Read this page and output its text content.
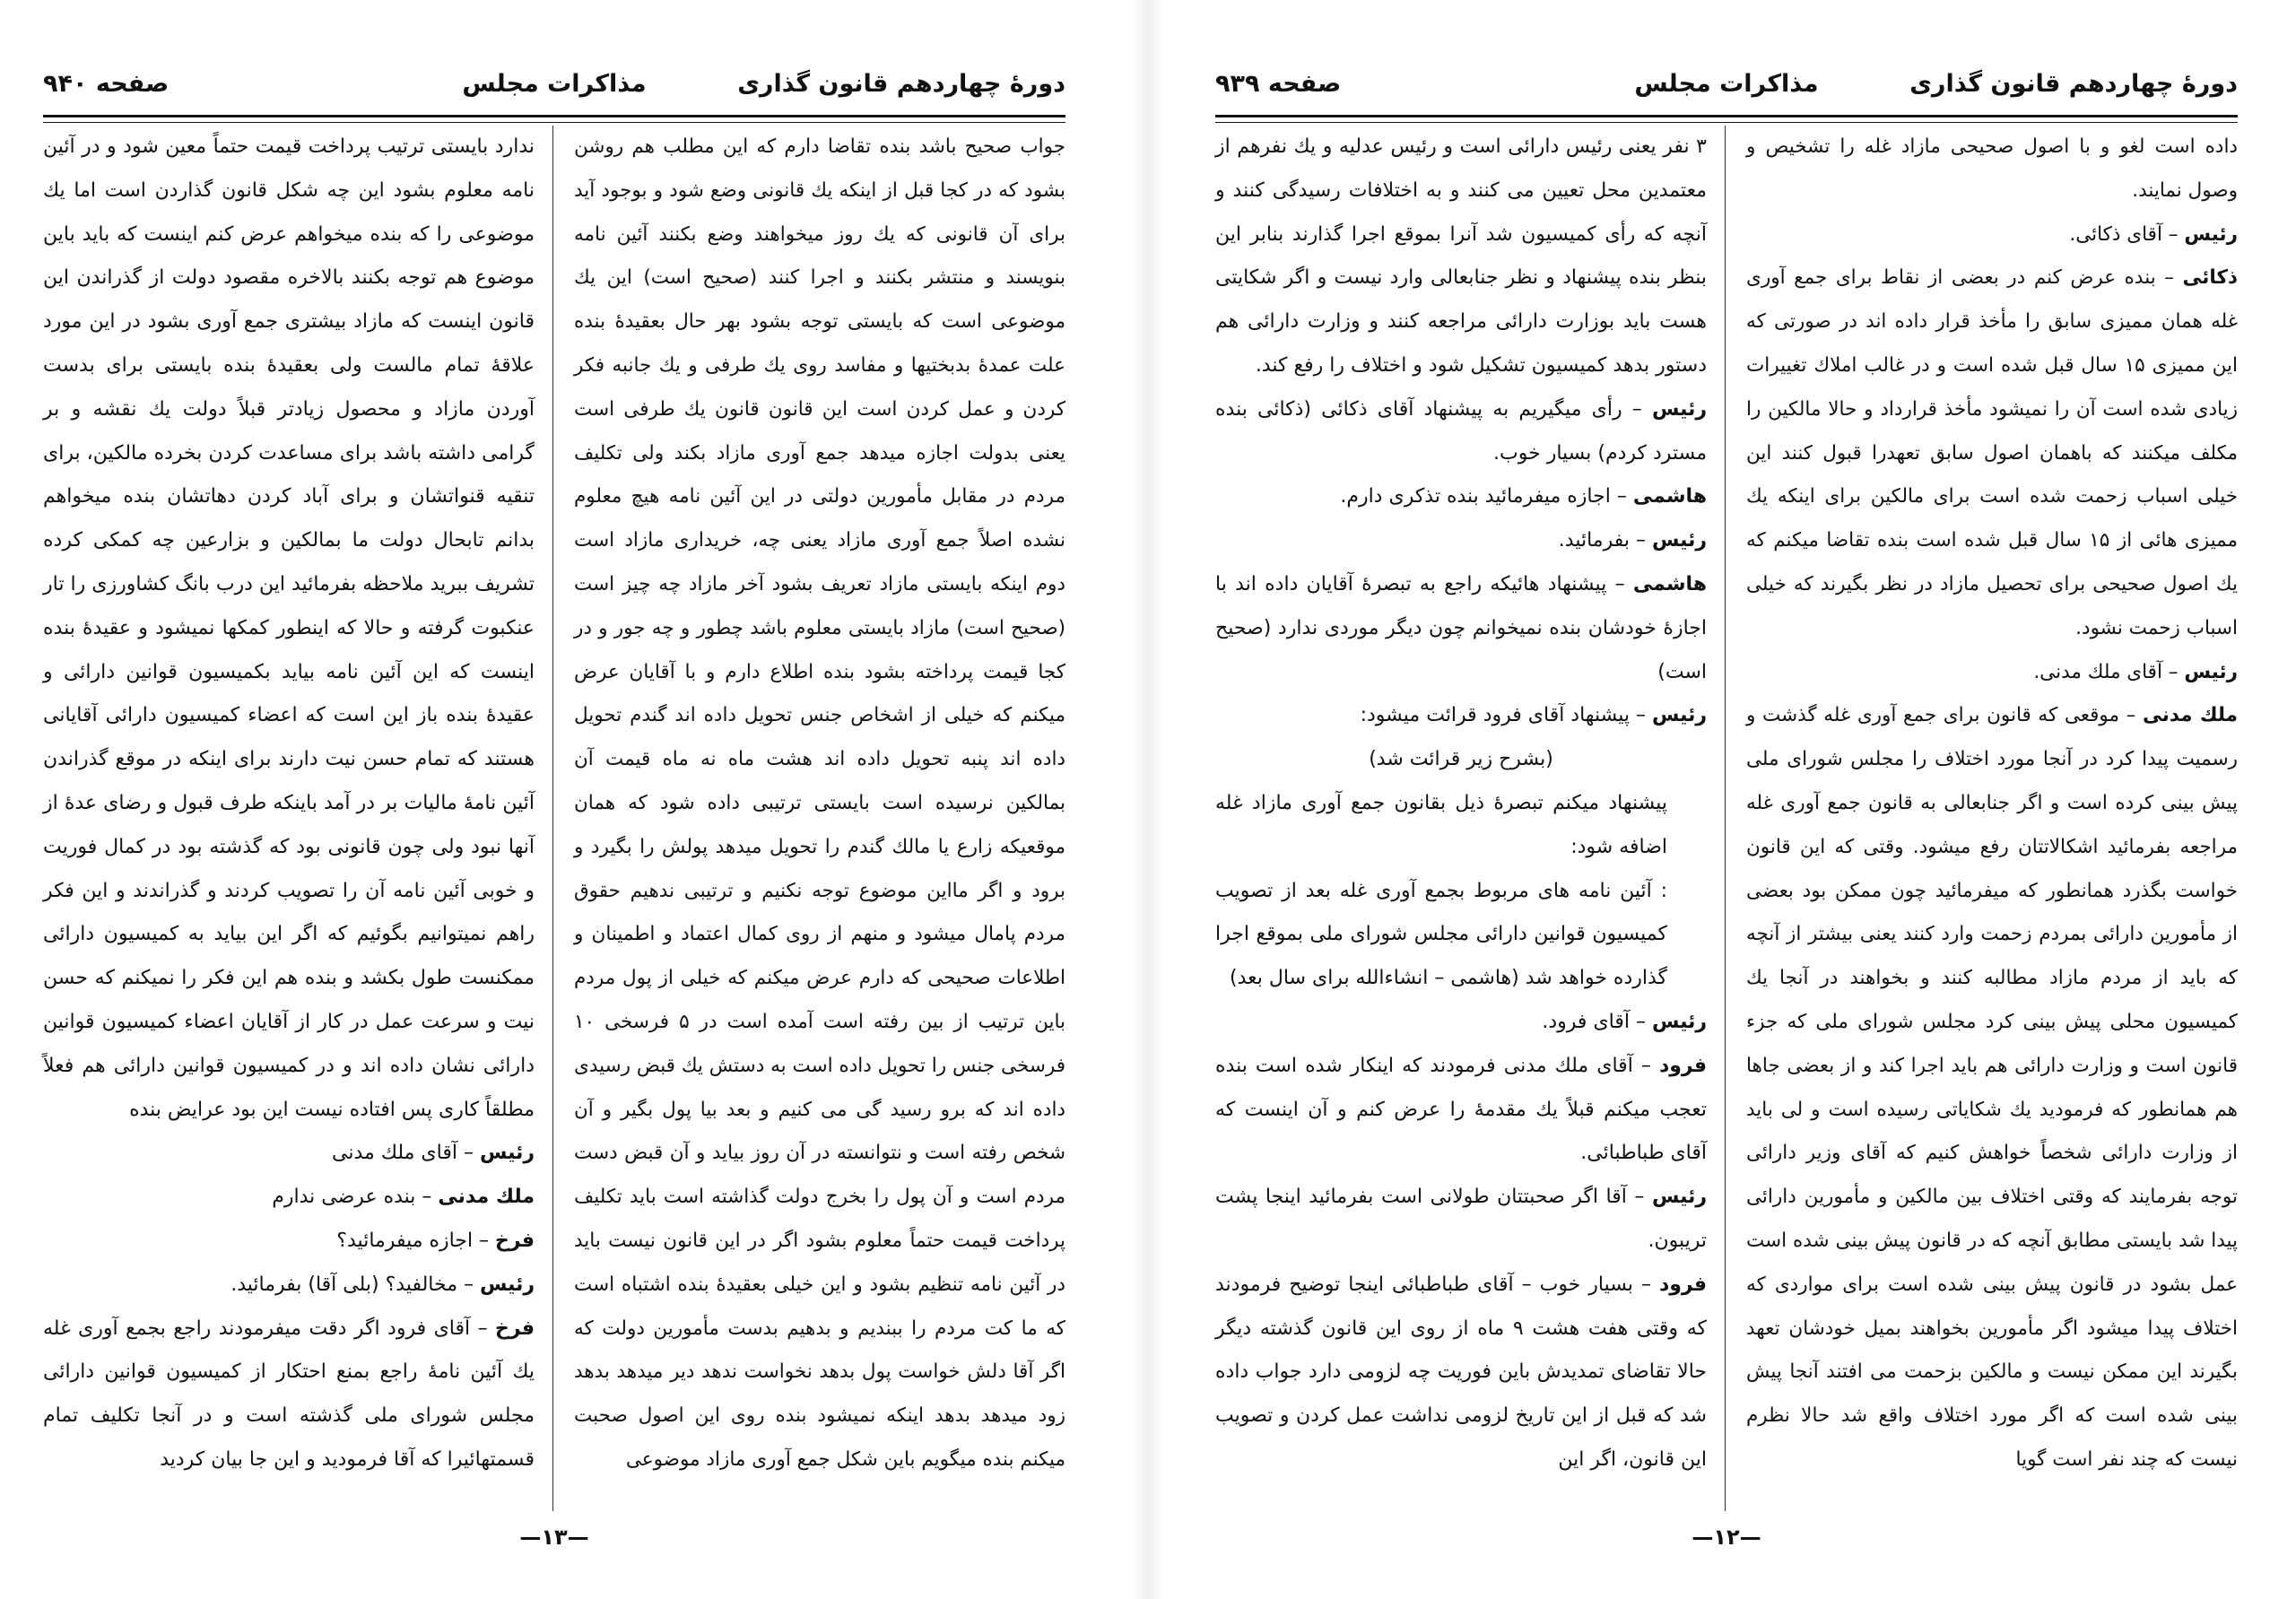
دورۀ چهاردهم قانون گذاری
مذاکرات مجلس
صفحه ۹۴۰

جواب صحیح باشد بنده تقاضا دارم که این مطلب هم روشن بشود که در کجا قبل از اینکه یك قانونی وضع شود و بوجود آید برای آن قانونی که یك روز میخواهند وضع بکنند آئین نامه بنویسند و منتشر بکنند و اجرا کنند (صحیح است) این یك موضوعی است که بایستی توجه بشود بهر حال بعقیدۀ بنده علت عمدۀ بدبختیها و مفاسد روی یك طرفی و یك جانبه فکر کردن و عمل کردن است این قانون قانون یك طرفی است یعنی بدولت اجازه میدهد جمع آوری مازاد بکند ولی تکلیف مردم در مقابل مأمورین دولتی در این آئین نامه هیچ معلوم نشده اصلاً جمع آوری مازاد یعنی چه، خریداری مازاد است دوم اینکه بایستی مازاد تعریف بشود آخر مازاد چه چیز است (صحیح است) مازاد بایستی معلوم باشد چطور و چه جور و در کجا قیمت پرداخته بشود بنده اطلاع دارم و با آقایان عرض میکنم که خیلی از اشخاص جنس تحویل داده اند گندم تحویل داده اند پنبه تحویل داده اند هشت ماه نه ماه قیمت آن بمالکین نرسیده است بایستی ترتیبی داده شود که همان موقعیکه زارع یا مالك گندم را تحویل میدهد پولش را بگیرد و برود و اگر مااین موضوع توجه نکنیم و ترتیبی ندهیم حقوق مردم پامال میشود و منهم از روی کمال اعتماد و اطمینان و اطلاعات صحیحی که دارم عرض میکنم که خیلی از پول مردم باین ترتیب از بین رفته است آمده است در ۵ فرسخی ۱۰ فرسخی جنس را تحویل داده است به دستش یك قبض رسیدی داده اند که برو رسید گی می کنیم و بعد بیا پول بگیر و آن شخص رفته است و نتوانسته در آن روز بیاید و آن قبض دست مردم است و آن پول را بخرج دولت گذاشته است باید تکلیف پرداخت قیمت حتماً معلوم بشود اگر در این قانون نیست باید در آئین نامه تنظیم بشود و این خیلی بعقیدۀ بنده اشتباه است که ما کت مردم را ببندیم و بدهیم بدست مأمورین دولت که اگر آقا دلش خواست پول بدهد نخواست ندهد دیر میدهد بدهد زود میدهد بدهد اینکه نمیشود بنده روی این اصول صحبت میکنم بنده میگویم باین شکل جمع آوری مازاد موضوعی

ندارد بایستی ترتیب پرداخت قیمت حتماً معین شود و در آئین نامه معلوم بشود این چه شکل قانون گذاردن است اما یك موضوعی را که بنده میخواهم عرض کنم اینست که باید باین موضوع هم توجه بکنند بالاخره مقصود دولت از گذراندن این قانون اینست که مازاد بیشتری جمع آوری بشود در این مورد علاقۀ تمام مالست ولی بعقیدۀ بنده بایستی برای بدست آوردن مازاد و محصول زیادتر قبلاً دولت یك نقشه و بر گرامی داشته باشد برای مساعدت کردن بخرده مالکین، برای تنقیه قنواتشان و برای آباد کردن دهاتشان بنده میخواهم بدانم تابحال دولت ما بمالکین و بزارعین چه کمکی کرده تشریف ببرید ملاحظه بفرمائید این درب بانگ کشاورزی را تار عنکبوت گرفته و حالا که اینطور کمکها نمیشود و عقیدۀ بنده اینست که این آئین نامه بیاید بکمیسیون قوانین دارائی و عقیدۀ بنده باز این است که اعضاء کمیسیون دارائی آقایانی هستند که تمام حسن نیت دارند برای اینکه در موقع گذراندن آئین نامۀ مالیات بر در آمد باینکه طرف قبول و رضای عدۀ از آنها نبود ولی چون قانونی بود که گذشته بود در کمال فوریت و خوبی آئین نامه آن را تصویب کردند و گذراندند و این فکر راهم نمیتوانیم بگوئیم که اگر این بیاید به کمیسیون دارائی ممکنست طول بکشد و بنده هم این فکر را نمیکنم که حسن نیت و سرعت عمل در کار از آقایان اعضاء کمیسیون قوانین دارائی نشان داده اند و در کمیسیون قوانین دارائی هم فعلاً مطلقاً کاری پس افتاده نیست این بود عرایض بنده

رئیس – آقای ملك مدنی

ملك مدنی – بنده عرضی ندارم

فرخ – اجازه میفرمائید؟

رئیس – مخالفید؟ (بلی آقا) بفرمائید.

فرخ – آقای فرود اگر دقت میفرمودند راجع بجمع آوری غله یك آئین نامۀ راجع بمنع احتکار از کمیسیون قوانین دارائی مجلس شورای ملی گذشته است و در آنجا تکلیف تمام قسمتهائیرا که آقا فرمودید و این جا بیان کردید

—۱۳—
دورۀ چهاردهم قانون گذاری
مذاکرات مجلس
صفحه ۹۳۹

داده است لغو و با اصول صحیحی مازاد غله را تشخیص و وصول نمایند.

رئیس – آقای ذکائی.

ذکائی – بنده عرض کنم در بعضی از نقاط برای جمع آوری غله همان ممیزی سابق را مأخذ قرار داده اند در صورتی که این ممیزی ۱۵ سال قبل شده است و در غالب املاك تغییرات زیادی شده است آن را نمیشود مأخذ قرارداد و حالا مالکین را مکلف میکنند که باهمان اصول سابق تعهدرا قبول کنند این خیلی اسباب زحمت شده است برای مالکین برای اینکه یك ممیزی هائی از ۱۵ سال قبل شده است بنده تقاضا میکنم که یك اصول صحیحی برای تحصیل مازاد در نظر بگیرند که خیلی اسباب زحمت نشود.

رئیس – آقای ملك مدنی.

ملك مدنی – موقعی که قانون برای جمع آوری غله گذشت و رسمیت پیدا کرد در آنجا مورد اختلاف را مجلس شورای ملی پیش بینی کرده است و اگر جنابعالی به قانون جمع آوری غله مراجعه بفرمائید اشکالاتتان رفع میشود. وقتی که این قانون خواست بگذرد همانطور که میفرمائید چون ممکن بود بعضی از مأمورین دارائی بمردم زحمت وارد کنند یعنی بیشتر از آنچه که باید از مردم مازاد مطالبه کنند و بخواهند در آنجا یك کمیسیون محلی پیش بینی کرد مجلس شورای ملی که جزء قانون است و وزارت دارائی هم باید اجرا کند و از بعضی جاها هم همانطور که فرمودید یك شکایاتی رسیده است و لی باید از وزارت دارائی شخصاً خواهش کنیم که آقای وزیر دارائی توجه بفرمایند که وقتی اختلاف بین مالکین و مأمورین دارائی پیدا شد بایستی مطابق آنچه که در قانون پیش بینی شده است عمل بشود در قانون پیش بینی شده است برای مواردی که اختلاف پیدا میشود اگر مأمورین بخواهند بمیل خودشان تعهد بگیرند این ممکن نیست و مالکین بزحمت می افتند آنجا پیش بینی شده است که اگر مورد اختلاف واقع شد حالا نظرم نیست که چند نفر است گویا

۳ نفر یعنی رئیس دارائی است و رئیس عدلیه و یك نفرهم از معتمدین محل تعیین می کنند و به اختلافات رسیدگی کنند و آنچه که رأی کمیسیون شد آنرا بموقع اجرا گذارند بنابر این بنظر بنده پیشنهاد و نظر جنابعالی وارد نیست و اگر شکایتی هست باید بوزارت دارائی مراجعه کنند و وزارت دارائی هم دستور بدهد کمیسیون تشکیل شود و اختلاف را رفع کند.

رئیس – رأی میگیریم به پیشنهاد آقای ذکائی (ذکائی بنده مسترد کردم) بسیار خوب.

هاشمی – اجازه میفرمائید بنده تذکری دارم.

رئیس – بفرمائید.

هاشمی – پیشنهاد هائیکه راجع به تبصرۀ آقایان داده اند با اجازۀ خودشان بنده نمیخوانم چون دیگر موردی ندارد (صحیح است)

رئیس – پیشنهاد آقای فرود قرائت میشود:

(بشرح زیر قرائت شد)

پیشنهاد میکنم تبصرۀ ذیل بقانون جمع آوری مازاد غله اضافه شود:

: آئین نامه های مربوط بجمع آوری غله بعد از تصویب کمیسیون قوانین دارائی مجلس شورای ملی بموقع اجرا گذارده خواهد شد (هاشمی – انشاءالله برای سال بعد)

رئیس – آقای فرود.

فرود – آقای ملك مدنی فرمودند که اینکار شده است بنده تعجب میکنم قبلاً یك مقدمۀ را عرض کنم و آن اینست که آقای طباطبائی.

رئیس – آقا اگر صحبتتان طولانی است بفرمائید اینجا پشت تریبون.

فرود – بسیار خوب – آقای طباطبائی اینجا توضیح فرمودند که وقتی هفت هشت ۹ ماه از روی این قانون گذشته دیگر حالا تقاضای تمدیدش باین فوریت چه لزومی دارد جواب داده شد که قبل از این تاریخ لزومی نداشت عمل کردن و تصویب این قانون، اگر این

—۱۲—
